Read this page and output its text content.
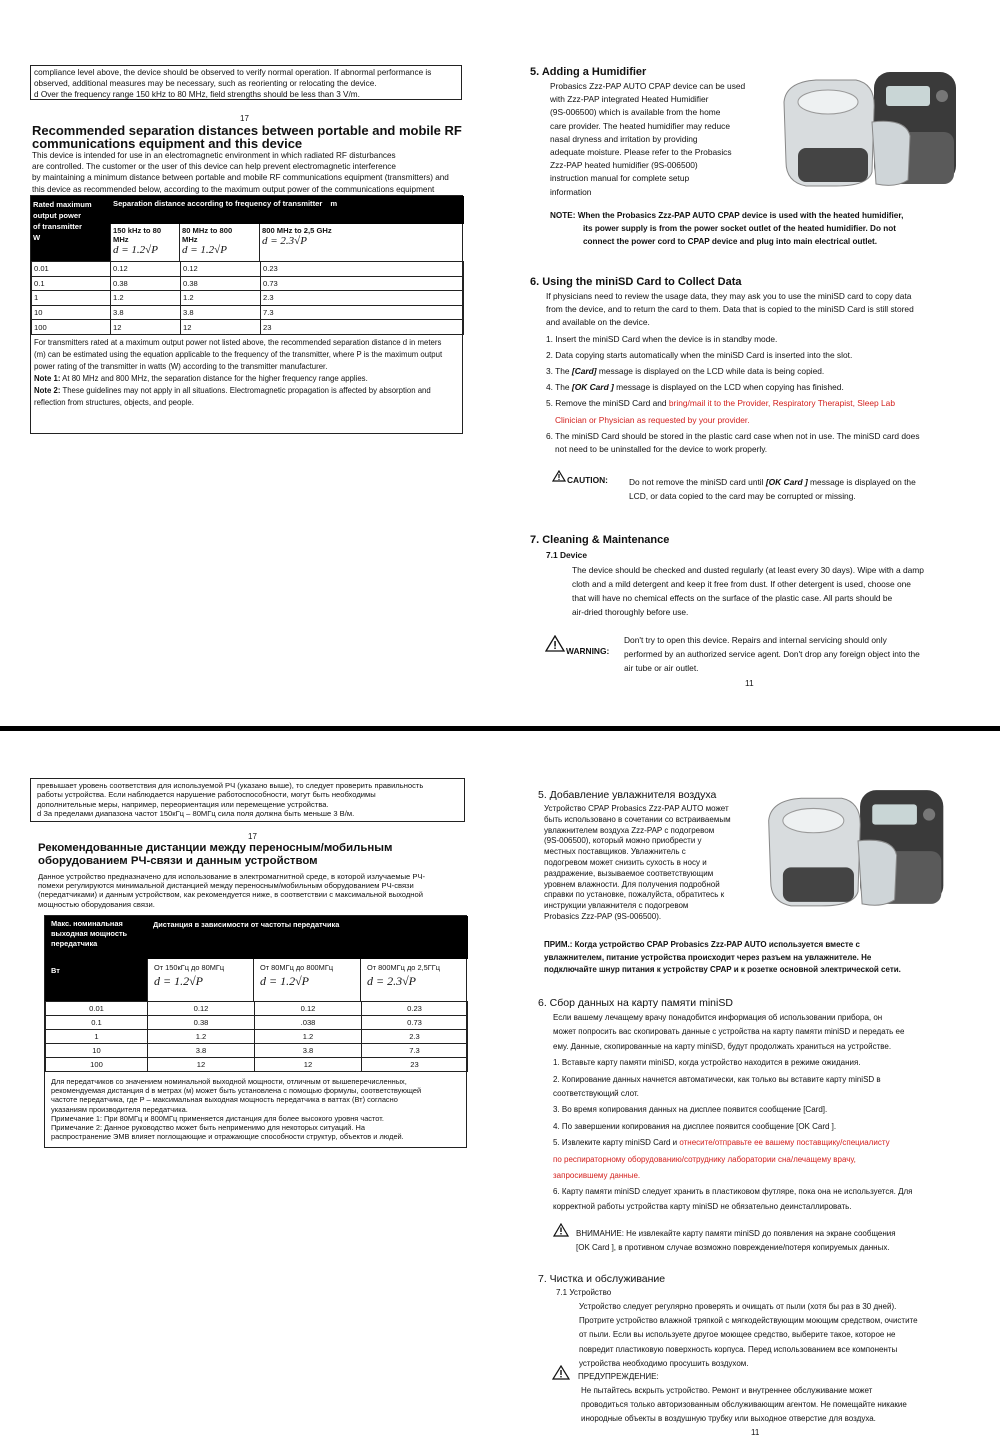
compliance level above, the device should be observed to verify normal operation. If abnormal performance is
observed, additional measures may be necessary, such as reorienting or relocating the device.
d Over the frequency range 150 kHz to 80 MHz, field strengths should be less than 3 V/m.
17
Recommended separation distances between portable and mobile RF
communications equipment and this device
This device is intended for use in an electromagnetic environment in which radiated RF disturbances
are controlled. The customer or the user of this device can help prevent electromagnetic interference
by maintaining a minimum distance between portable and mobile RF communications equipment (transmitters) and
this device as recommended below, according to the maximum output power of the communications equipment
Rated maximum
output power
of transmitter
W
Separation distance according to frequency of transmitter m
150 kHz to 80
MHz
d = 1.2√P
80 MHz to 800
MHz
d = 1.2√P
800 MHz to 2,5 GHz
d = 2.3√P
0.01	0.12	0.12	0.23
0.1	0.38	0.38	0.73
1	1.2	1.2	2.3
10	3.8	3.8	7.3
100	12	12	23
For transmitters rated at a maximum output power not listed above, the recommended separation distance d in meters
(m) can be estimated using the equation applicable to the frequency of the transmitter, where P is the maximum output
power rating of the transmitter in watts (W) according to the transmitter manufacturer.
Note 1: At 80 MHz and 800 MHz, the separation distance for the higher frequency range applies.
Note 2: These guidelines may not apply in all situations. Electromagnetic propagation is affected by absorption and
reflection from structures, objects, and people.
5. Adding a Humidifier
Probasics Zzz-PAP AUTO CPAP device can be used
with Zzz-PAP integrated Heated Humidifier
(9S-006500) which is available from the home
care provider. The heated humidifier may reduce
nasal dryness and irritation by providing
adequate moisture. Please refer to the Probasics
Zzz-PAP heated humidifier (9S-006500)
instruction manual for complete setup
information
NOTE: When the Probasics Zzz-PAP AUTO CPAP device is used with the heated humidifier,
its power supply is from the power socket outlet of the heated humidifier. Do not
connect the power cord to CPAP device and plug into main electrical outlet.
6. Using the miniSD Card to Collect Data
If physicians need to review the usage data, they may ask you to use the miniSD card to copy data
from the device, and to return the card to them. Data that is copied to the miniSD Card is still stored
and available on the device.
1. Insert the miniSD Card when the device is in standby mode.
2. Data copying starts automatically when the miniSD Card is inserted into the slot.
3. The [Card] message is displayed on the LCD while data is being copied.
4. The [OK Card ] message is displayed on the LCD when copying has finished.
5. Remove the miniSD Card and bring/mail it to the Provider, Respiratory Therapist, Sleep Lab
Clinician or Physician as requested by your provider.
6. The miniSD Card should be stored in the plastic card case when not in use. The miniSD card does
not need to be uninstalled for the device to work properly.
CAUTION:	Do not remove the miniSD card until [OK Card ] message is displayed on the
LCD, or data copied to the card may be corrupted or missing.
7. Cleaning & Maintenance
7.1 Device
The device should be checked and dusted regularly (at least every 30 days). Wipe with a damp
cloth and a mild detergent and keep it free from dust. If other detergent is used, choose one
that will have no chemical effects on the surface of the plastic case. All parts should be
air-dried thoroughly before use.
WARNING:
Don't try to open this device. Repairs and internal servicing should only
performed by an authorized service agent. Don't drop any foreign object into the
air tube or air outlet.
11
превышает уровень соответствия для используемой РЧ (указано выше), то следует проверить правильность
работы устройства. Если наблюдается нарушение работоспособности, могут быть необходимы
дополнительные меры, например, переориентация или перемещение устройства.
d За пределами диапазона частот 150кГц – 80МГц сила поля должна быть меньше 3 В/м.
17
Рекомендованные дистанции между переносным/мобильным
оборудованием РЧ-связи и данным устройством
Данное устройство предназначено для использование в электромагнитной среде, в которой излучаемые РЧ-
помехи регулируются минимальной дистанцией между переносным/мобильным оборудованием РЧ-связи
(передатчиками) и данным устройством, как рекомендуется ниже, в соответствии с максимальной выходной
мощностью оборудования связи.
Макс. номинальная
выходная мощность
передатчика
Вт
Дистанция в зависимости от частоты передатчика
От 150кГц до 80МГц
d = 1.2√P
От 80МГц до 800МГц
d = 1.2√P
От 800МГц до 2,5ГГц
d = 2.3√P
0.01	0.12	0.12	0.23
0.1	0.38	.038	0.73
1	1.2	1.2	2.3
10	3.8	3.8	7.3
100	12	12	23
Для передатчиков со значением номинальной выходной мощности, отличным от вышеперечисленных,
рекомендуемая дистанция d в метрах (м) может быть установлена с помощью формулы, соответствующей
частоте передатчика, где P – максимальная выходная мощность передатчика в ваттах (Вт) согласно
указаниям производителя передатчика.
Примечание 1: При 80МГц и 800МГц применяется дистанция для более высокого уровня частот.
Примечание 2: Данное руководство может быть неприменимо для некоторых ситуаций. На
распространение ЭМВ влияет поглощающие и отражающие способности структур, объектов и людей.
5. Добавление увлажнителя воздуха
Устройство CPAP Probasics Zzz-PAP AUTO может
быть использовано в сочетании со встраиваемым
увлажнителем воздуха Zzz-PAP с подогревом
(9S-006500), который можно приобрести у
местных поставщиков. Увлажнитель с
подогревом может снизить сухость в носу и
раздражение, вызываемое соответствующим
уровнем влажности. Для получения подробной
справки по установке, пожалуйста, обратитесь к
инструкции увлажнителя с подогревом
Probasics Zzz-PAP (9S-006500).
ПРИМ.: Когда устройство CPAP Probasics Zzz-PAP AUTO используется вместе с
увлажнителем, питание устройства происходит через разъем на увлажнителе. Не
подключайте шнур питания к устройству CPAP и к розетке основной электрической сети.
6. Сбор данных на карту памяти miniSD
Если вашему лечащему врачу понадобится информация об использовании прибора, он
может попросить вас скопировать данные с устройства на карту памяти miniSD и передать ее
ему. Данные, скопированные на карту miniSD, будут продолжать храниться на устройстве.
1. Вставьте карту памяти miniSD, когда устройство находится в режиме ожидания.
2. Копирование данных начнется автоматически, как только вы вставите карту miniSD в
соответствующий слот.
3. Во время копирования данных на дисплее появится сообщение [Card].
4. По завершении копирования на дисплее появится сообщение [OK Card ].
5. Извлеките карту miniSD Card и отнесите/отправьте ее вашему поставщику/специалисту
по респираторному оборудованию/сотруднику лаборатории сна/лечащему врачу,
запросившему данные.
6. Карту памяти miniSD следует хранить в пластиковом футляре, пока она не используется. Для
корректной работы устройства карту miniSD не обязательно деинсталлировать.
ВНИМАНИЕ: Не извлекайте карту памяти miniSD до появления на экране сообщения
[OK Card ], в противном случае возможно повреждение/потеря копируемых данных.
7. Чистка и обслуживание
7.1 Устройство
Устройство следует регулярно проверять и очищать от пыли (хотя бы раз в 30 дней).
Протрите устройство влажной тряпкой с мягкодействующим моющим средством, очистите
от пыли. Если вы используете другое моющее средство, выберите такое, которое не
повредит пластиковую поверхность корпуса. Перед использованием все компоненты
устройства необходимо просушить воздухом.
ПРЕДУПРЕЖДЕНИЕ:
Не пытайтесь вскрыть устройство. Ремонт и внутреннее обслуживание может
проводиться только авторизованным обслуживающим агентом. Не помещайте никакие
инородные объекты в воздушную трубку или выходное отверстие для воздуха.
11
